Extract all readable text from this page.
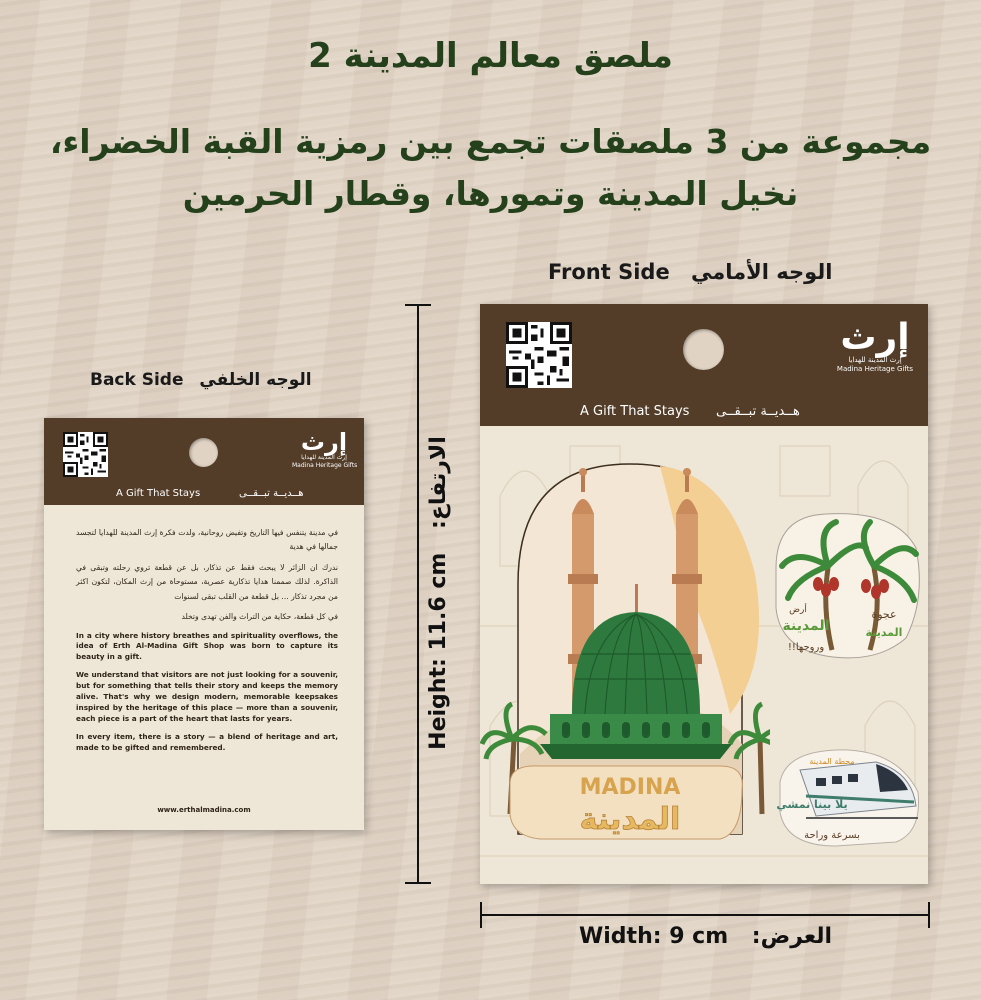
ملصق معالم المدينة 2
مجموعة من 3 ملصقات تجمع بين رمزية القبة الخضراء،
نخيل المدينة وتمورها، وقطار الحرمين
Front Side الوجه الأمامي
Back Side الوجه الخلفي
إرث
إرث المدينة للهدايا
Madina Heritage Gifts
A Gift That Stays	هــديــة تبــقــى

في مدينة يتنفس فيها التاريخ وتفيض روحانية، ولدت فكرة إرث المدينة للهدايا لتجسد جمالها في هدية

ندرك ان الزائر لا يبحث فقط عن تذكار، بل عن قطعة تروي رحلته وتبقى في الذاكرة. لذلك صممنا هدايا تذكارية عصرية، مستوحاة من إرث المكان، لتكون اكثر من مجرد تذكار ... بل قطعة من القلب تبقى لسنوات

في كل قطعة، حكاية من التراث والفن تهدى وتخلد

In a city where history breathes and spirituality overflows, the idea of Erth Al-Madina Gift Shop was born to capture its beauty in a gift.

We understand that visitors are not just looking for a souvenir, but for something that tells their story and keeps the memory alive. That's why we design modern, memorable keepsakes inspired by the heritage of this place — more than a souvenir, each piece is a part of the heart that lasts for years.

In every item, there is a story — a blend of heritage and art, made to be gifted and remembered.

www.erthalmadina.com
إرث
إرث المدينة للهدايا
Madina Heritage Gifts
A Gift That Stays هــديــة تبــقــى
MADINA
المدينة
أرض
المدينة
وروحها!!
عجوة
المدينة
محطة المدينة
يلا بينا نمشي
بسرعة وراحة
Height: 11.6 cm الارتفاع:
Width: 9 cm العرض:
